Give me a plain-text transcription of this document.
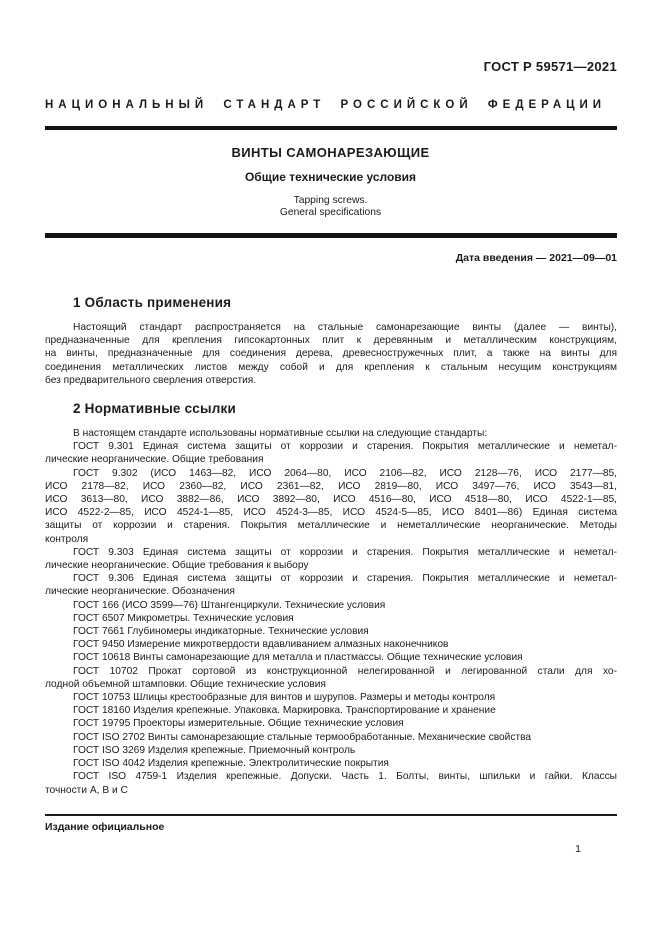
ГОСТ Р 59571—2021
НАЦИОНАЛЬНЫЙ СТАНДАРТ РОССИЙСКОЙ ФЕДЕРАЦИИ
ВИНТЫ САМОНАРЕЗАЮЩИЕ
Общие технические условия
Tapping screws.
General specifications
Дата введения — 2021—09—01
1 Область применения
Настоящий стандарт распространяется на стальные самонарезающие винты (далее — винты),
предназначенные для крепления гипсокартонных плит к деревянным и металлическим конструкциям,
на винты, предназначенные для соединения дерева, древесностружечных плит, а также на винты для
соединения металлических листов между собой и для крепления к стальным несущим конструкциям
без предварительного сверления отверстия.
2 Нормативные ссылки
В настоящем стандарте использованы нормативные ссылки на следующие стандарты:
ГОСТ 9.301 Единая система защиты от коррозии и старения. Покрытия металлические и неметал-
лические неорганические. Общие требования
ГОСТ 9.302 (ИСО 1463—82, ИСО 2064—80, ИСО 2106—82, ИСО 2128—76, ИСО 2177—85,
ИСО 2178—82, ИСО 2360—82, ИСО 2361—82, ИСО 2819—80, ИСО 3497—76, ИСО 3543—81,
ИСО 3613—80, ИСО 3882—86, ИСО 3892—80, ИСО 4516—80, ИСО 4518—80, ИСО 4522-1—85,
ИСО 4522-2—85, ИСО 4524-1—85, ИСО 4524-3—85, ИСО 4524-5—85, ИСО 8401—86) Единая система
защиты от коррозии и старения. Покрытия металлические и неметаллические неорганические. Методы
контроля
ГОСТ 9.303 Единая система защиты от коррозии и старения. Покрытия металлические и неметал-
лические неорганические. Общие требования к выбору
ГОСТ 9.306 Единая система защиты от коррозии и старения. Покрытия металлические и неметал-
лические неорганические. Обозначения
ГОСТ 166 (ИСО 3599—76) Штангенциркули. Технические условия
ГОСТ 6507 Микрометры. Технические условия
ГОСТ 7661 Глубиномеры индикаторные. Технические условия
ГОСТ 9450 Измерение микротвердости вдавливанием алмазных наконечников
ГОСТ 10618 Винты самонарезающие для металла и пластмассы. Общие технические условия
ГОСТ 10702 Прокат сортовой из конструкционной нелегированной и легированной стали для хо-
лодной объемной штамповки. Общие технические условия
ГОСТ 10753 Шлицы крестообразные для винтов и шурупов. Размеры и методы контроля
ГОСТ 18160 Изделия крепежные. Упаковка. Маркировка. Транспортирование и хранение
ГОСТ 19795 Проекторы измерительные. Общие технические условия
ГОСТ ISO 2702 Винты самонарезающие стальные термообработанные. Механические свойства
ГОСТ ISO 3269 Изделия крепежные. Приемочный контроль
ГОСТ ISO 4042 Изделия крепежные. Электролитические покрытия
ГОСТ ISO 4759-1 Изделия крепежные. Допуски. Часть 1. Болты, винты, шпильки и гайки. Классы
точности А, В и С
Издание официальное
1
